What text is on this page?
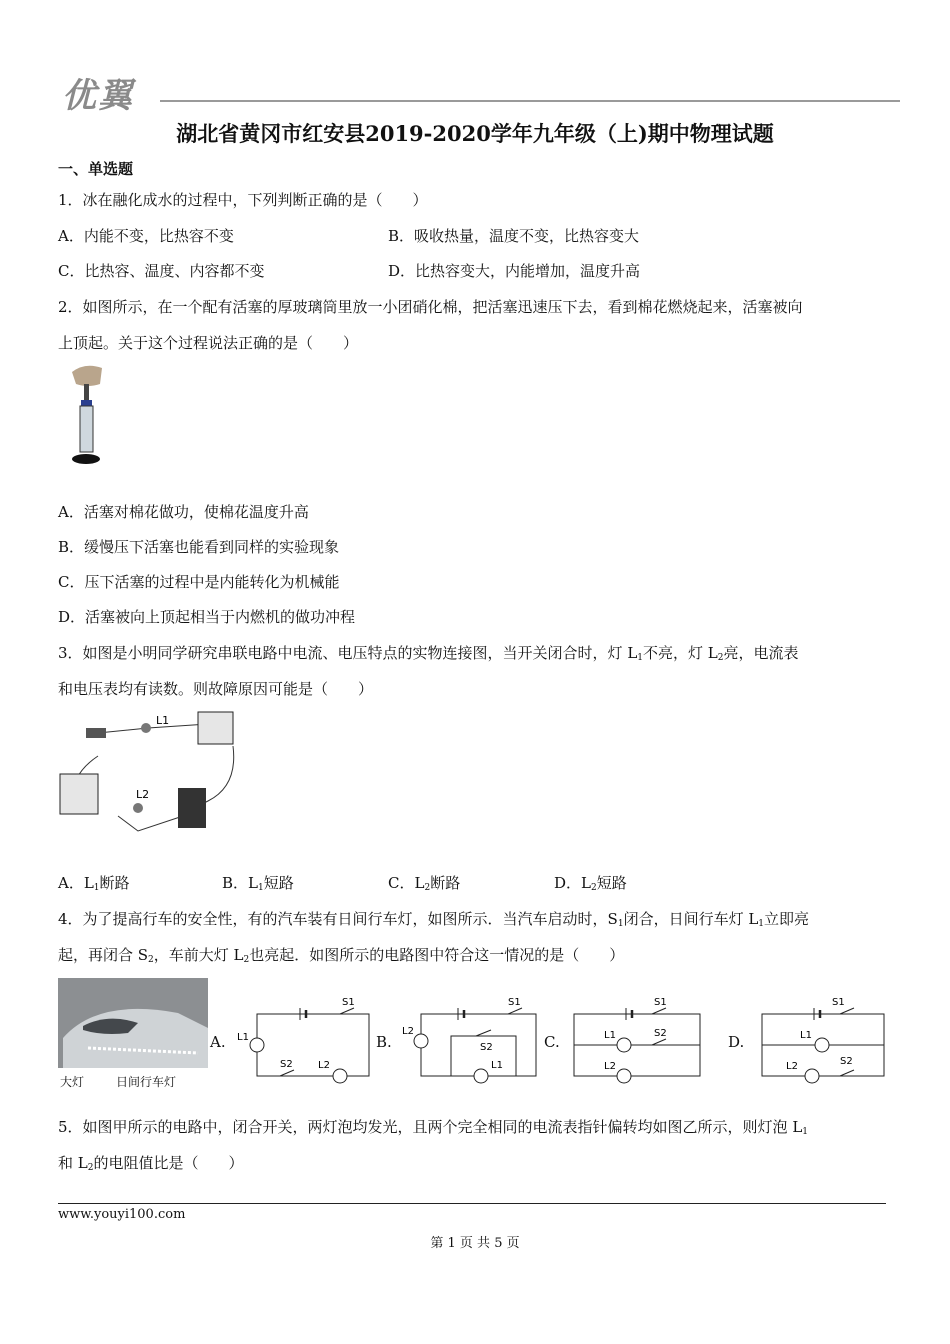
优翼
湖北省黄冈市红安县2019-2020学年九年级（上)期中物理试题
一、单选题
1．冰在融化成水的过程中，下列判断正确的是（　　）
A．内能不变，比热容不变	B．吸收热量，温度不变，比热容变大
C．比热容、温度、内容都不变	D．比热容变大，内能增加，温度升高
2．如图所示，在一个配有活塞的厚玻璃筒里放一小团硝化棉，把活塞迅速压下去，看到棉花燃烧起来，活塞被向
上顶起。关于这个过程说法正确的是（　　）
A．活塞对棉花做功，使棉花温度升高
B．缓慢压下活塞也能看到同样的实验现象
C．压下活塞的过程中是内能转化为机械能
D．活塞被向上顶起相当于内燃机的做功冲程
3．如图是小明同学研究串联电路中电流、电压特点的实物连接图，当开关闭合时，灯 $L_1$不亮，灯 $L_2$亮，电流表
和电压表均有读数。则故障原因可能是（　　）
L1
L2
A．$L_1$断路	B．$L_1$短路	C．$L_2$断路	D．$L_2$短路
4．为了提高行车的安全性，有的汽车装有日间行车灯，如图所示．当汽车启动时，$S_1$闭合，日间行车灯 $L_1$立即亮
起，再闭合 $S_2$，车前大灯 $L_2$也亮起．如图所示的电路图中符合这一情况的是（　　）
大灯	日间行车灯
A.
S1
L1
S2	L2
B.
S1
L2
S2
L1
C.
S1
L1	S2
L2
D.
S1
L1
L2	S2
5．如图甲所示的电路中，闭合开关，两灯泡均发光，且两个完全相同的电流表指针偏转均如图乙所示，则灯泡 $L_1$
和 $L_2$的电阻值比是（　　）
www.youyi100.com
第 1 页 共 5 页
